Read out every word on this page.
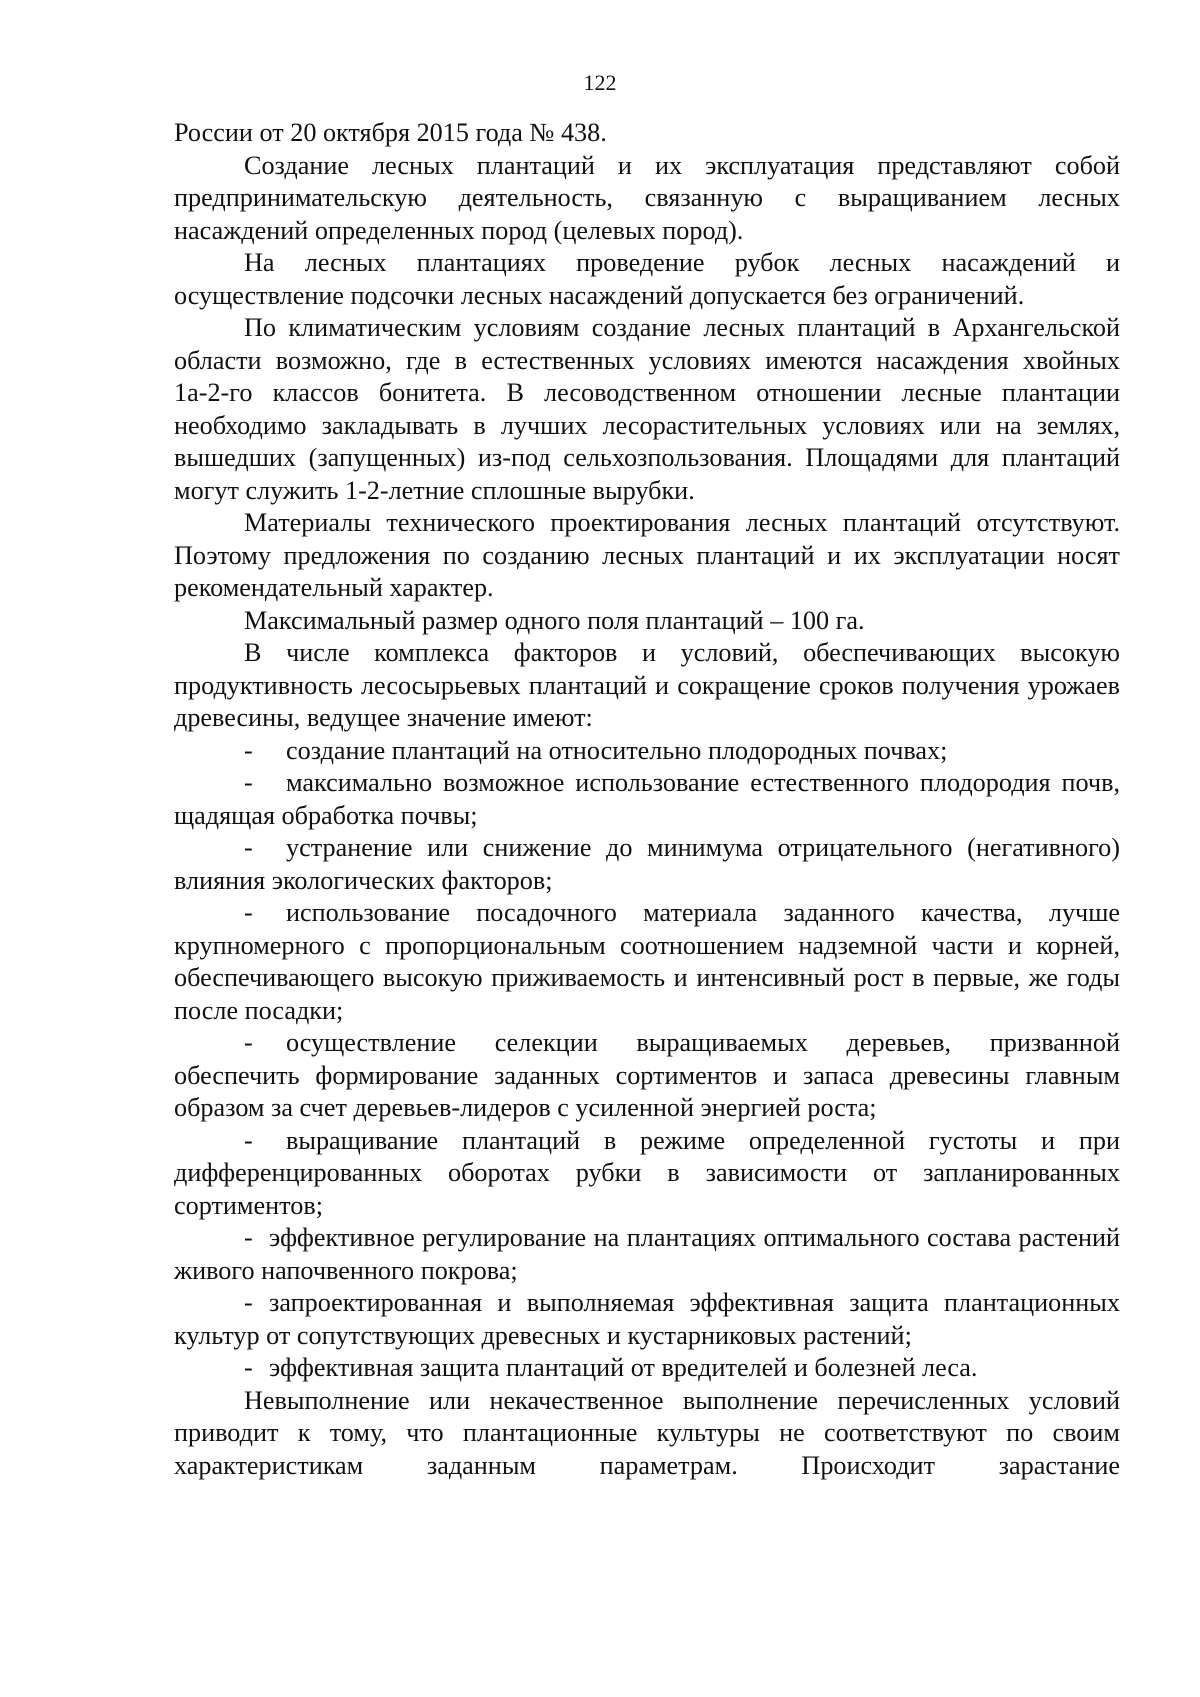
122

России от 20 октября 2015 года № 438.

Создание лесных плантаций и их эксплуатация представляют собой предпринимательскую деятельность, связанную с выращиванием лесных насаждений определенных пород (целевых пород).

На лесных плантациях проведение рубок лесных насаждений и осуществление подсочки лесных насаждений допускается без ограничений.

По климатическим условиям создание лесных плантаций в Архангельской области возможно, где в естественных условиях имеются насаждения хвойных 1а-2-го классов бонитета. В лесоводственном отношении лесные плантации необходимо закладывать в лучших лесорастительных условиях или на землях, вышедших (запущенных) из-под сельхозпользования. Площадями для плантаций могут служить 1-2-летние сплошные вырубки.

Материалы технического проектирования лесных плантаций отсутствуют. Поэтому предложения по созданию лесных плантаций и их эксплуатации носят рекомендательный характер.

Максимальный размер одного поля плантаций – 100 га.

В числе комплекса факторов и условий, обеспечивающих высокую продуктивность лесосырьевых плантаций и сокращение сроков получения урожаев древесины, ведущее значение имеют:

- создание плантаций на относительно плодородных почвах;

- максимально возможное использование естественного плодородия почв, щадящая обработка почвы;

- устранение или снижение до минимума отрицательного (негативного) влияния экологических факторов;

- использование посадочного материала заданного качества, лучше крупномерного с пропорциональным соотношением надземной части и корней, обеспечивающего высокую приживаемость и интенсивный рост в первые, же годы после посадки;

- осуществление селекции выращиваемых деревьев, призванной обеспечить формирование заданных сортиментов и запаса древесины главным образом за счет деревьев-лидеров с усиленной энергией роста;

- выращивание плантаций в режиме определенной густоты и при дифференцированных оборотах рубки в зависимости от запланированных сортиментов;

- эффективное регулирование на плантациях оптимального состава растений живого напочвенного покрова;

- запроектированная и выполняемая эффективная защита плантационных культур от сопутствующих древесных и кустарниковых растений;

- эффективная защита плантаций от вредителей и болезней леса.

Невыполнение или некачественное выполнение перечисленных условий приводит к тому, что плантационные культуры не соответствуют по своим характеристикам заданным параметрам. Происходит зарастание
